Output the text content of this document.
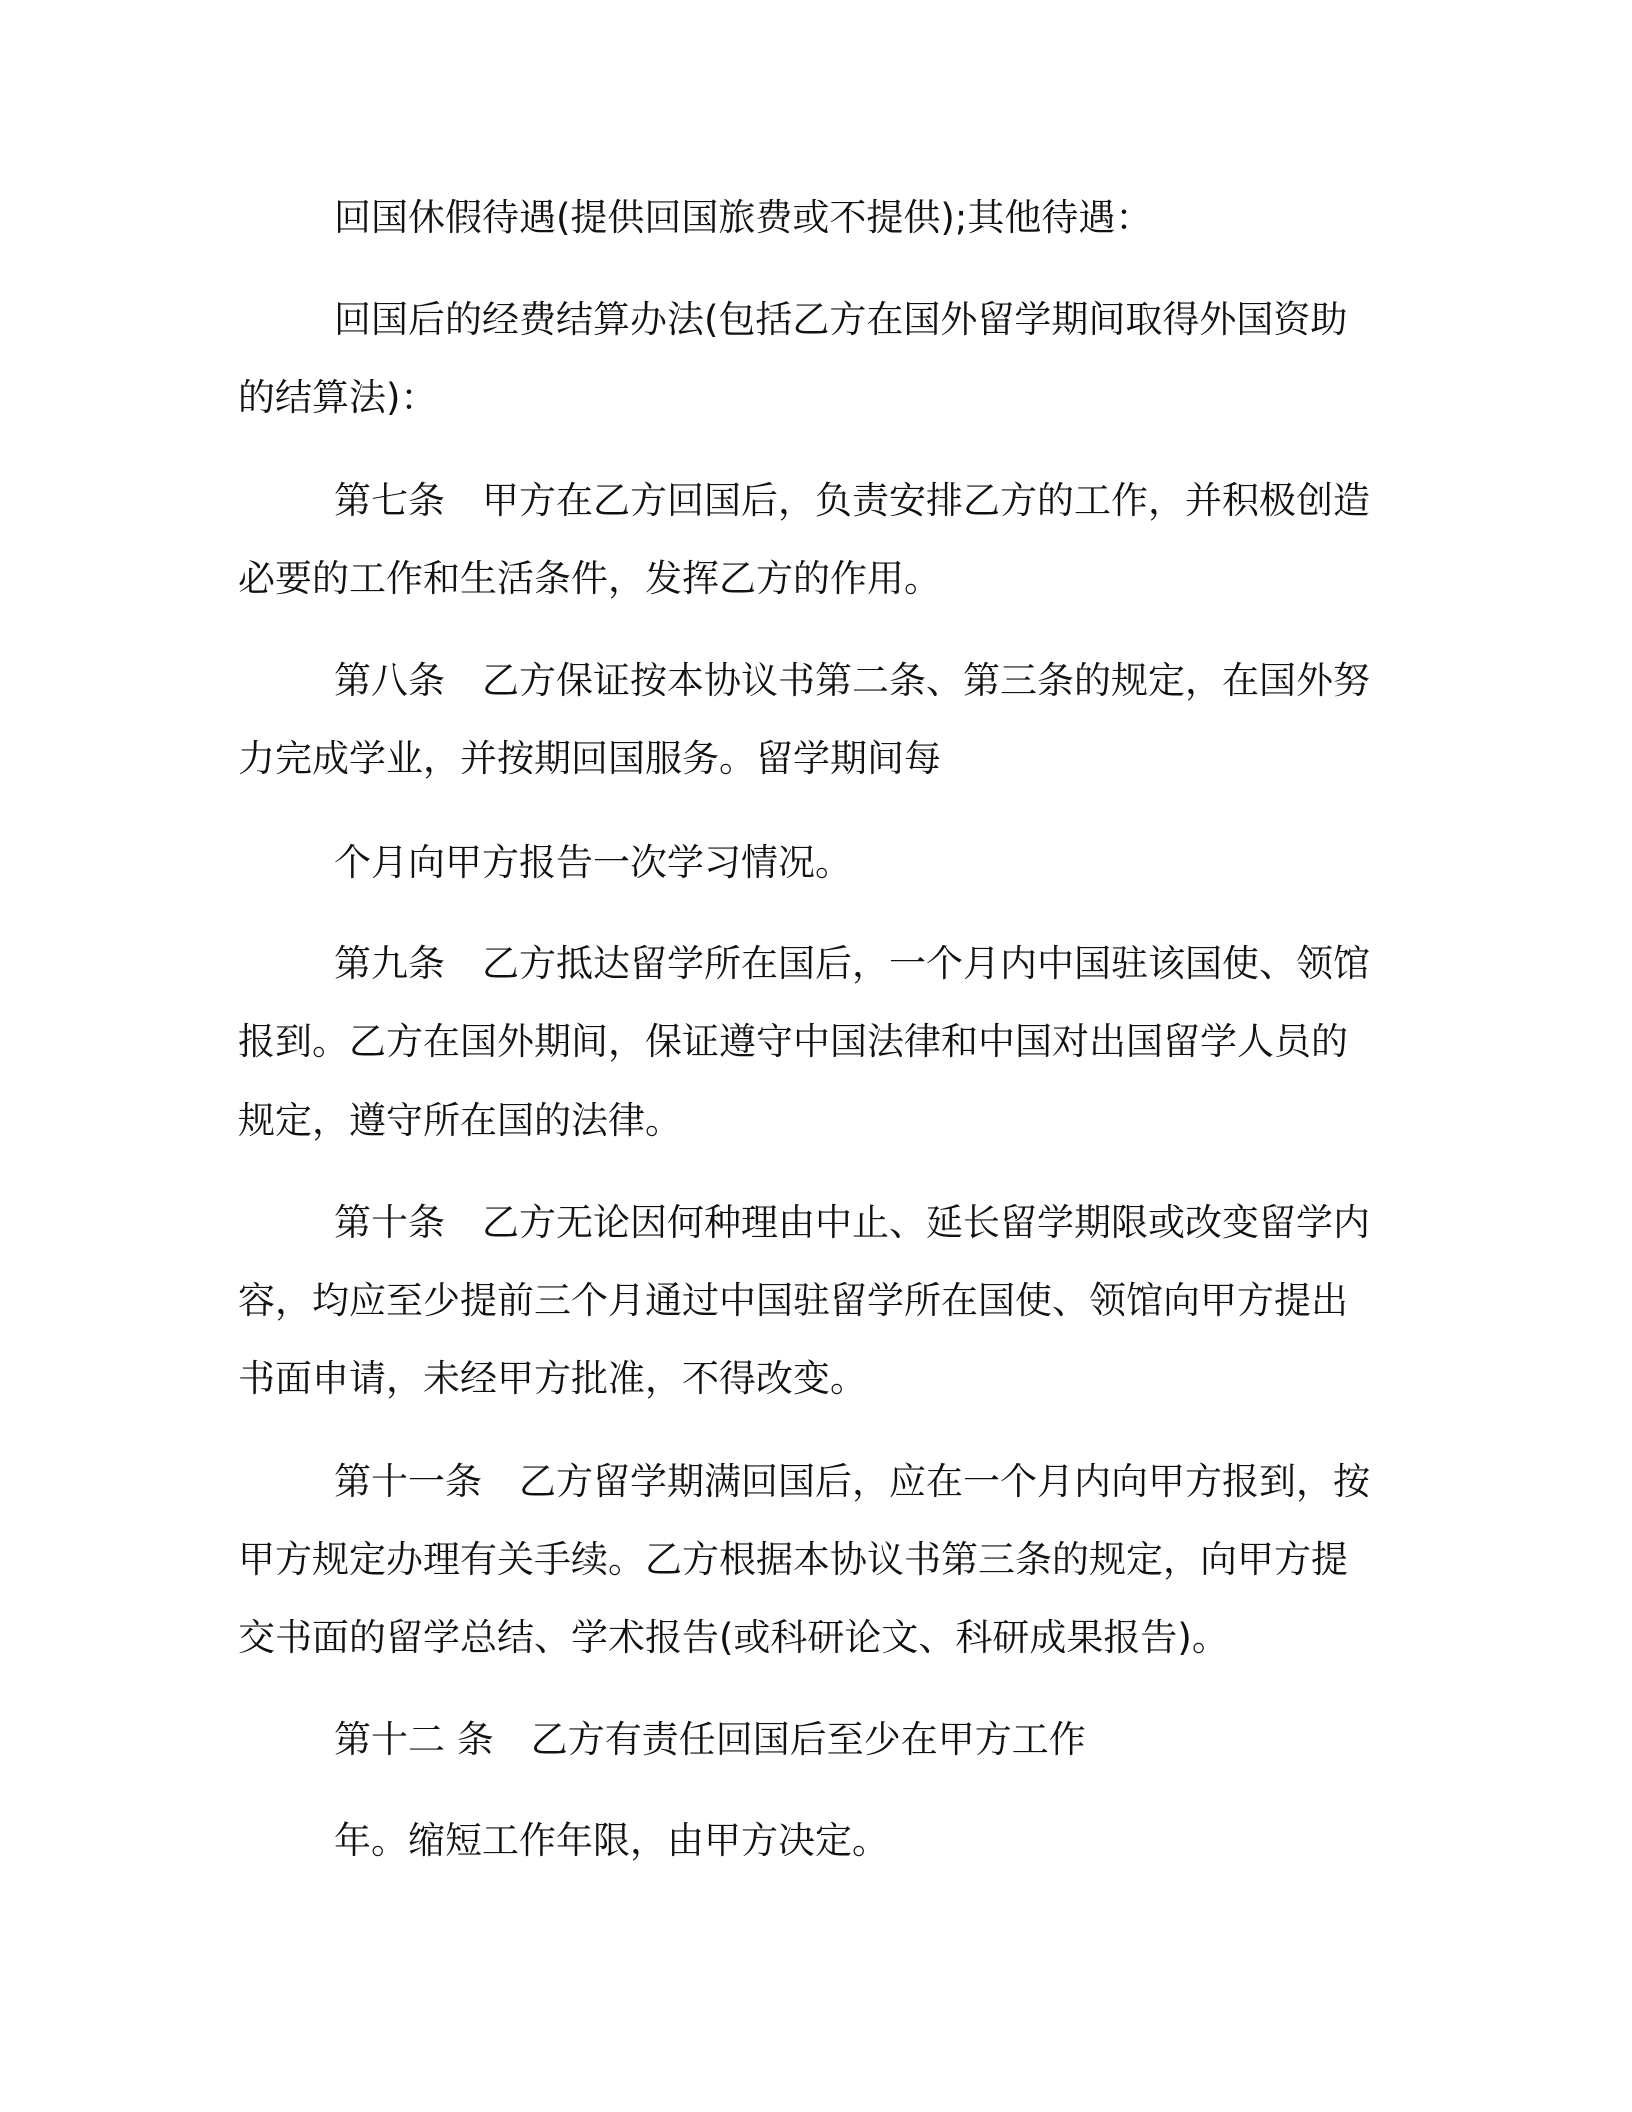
回国休假待遇(提供回国旅费或不提供);其他待遇：

回国后的经费结算办法(包括乙方在国外留学期间取得外国资助

的结算法)：

第七条　甲方在乙方回国后，负责安排乙方的工作，并积极创造

必要的工作和生活条件，发挥乙方的作用。

第八条　乙方保证按本协议书第二条、第三条的规定，在国外努

力完成学业，并按期回国服务。留学期间每

个月向甲方报告一次学习情况。

第九条　乙方抵达留学所在国后，一个月内中国驻该国使、领馆

报到。乙方在国外期间，保证遵守中国法律和中国对出国留学人员的

规定，遵守所在国的法律。

第十条　乙方无论因何种理由中止、延长留学期限或改变留学内

容，均应至少提前三个月通过中国驻留学所在国使、领馆向甲方提出

书面申请，未经甲方批准，不得改变。

第十一条　乙方留学期满回国后，应在一个月内向甲方报到，按

甲方规定办理有关手续。乙方根据本协议书第三条的规定，向甲方提

交书面的留学总结、学术报告(或科研论文、科研成果报告)。

第十二 条　乙方有责任回国后至少在甲方工作

年。缩短工作年限，由甲方决定。
